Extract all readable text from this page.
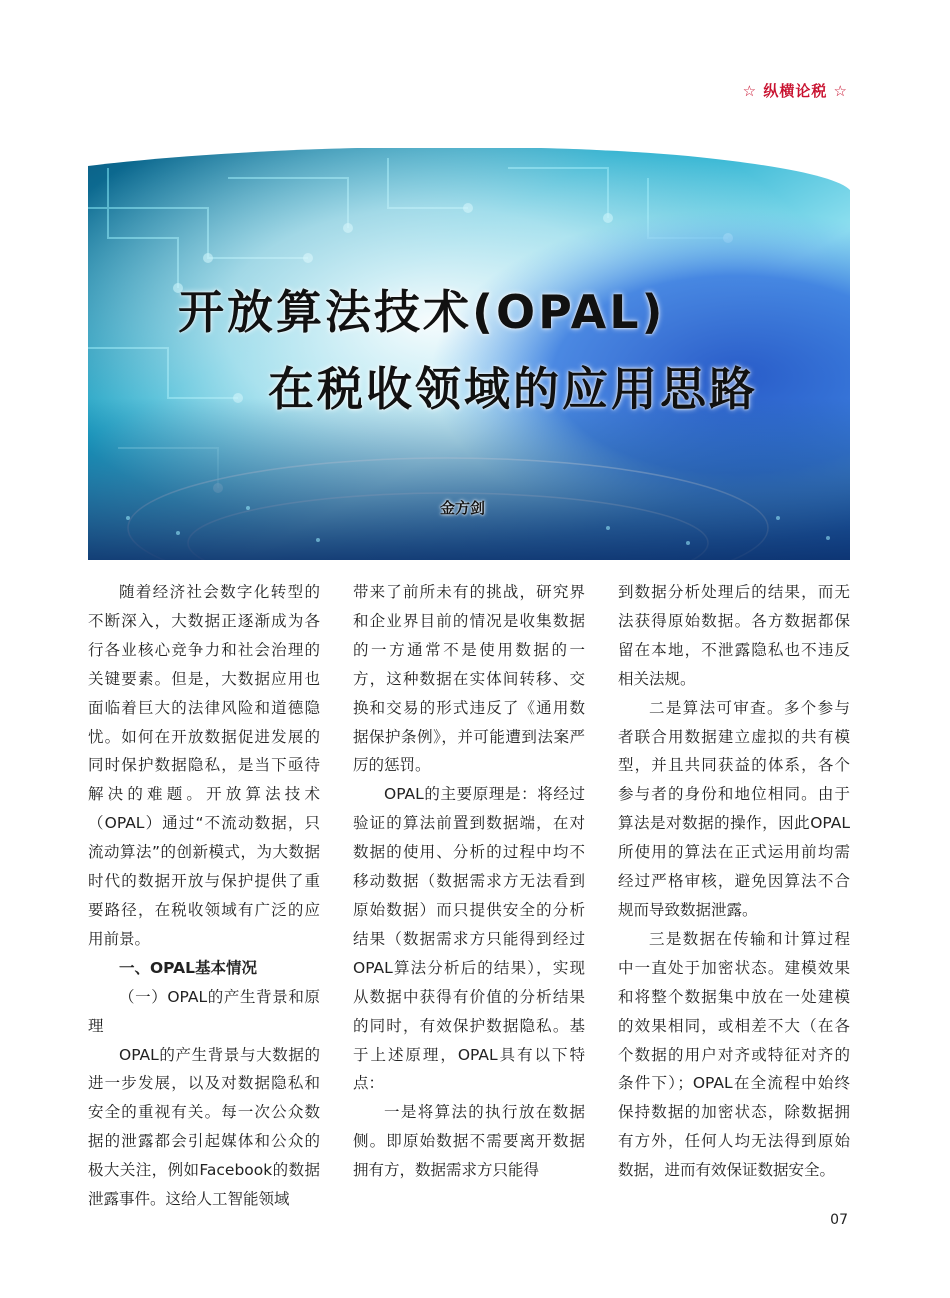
☆ 纵横论税 ☆
开放算法技术(OPAL)
在税收领域的应用思路
金方剑

随着经济社会数字化转型的不断深入，大数据正逐渐成为各行各业核心竞争力和社会治理的关键要素。但是，大数据应用也面临着巨大的法律风险和道德隐忧。如何在开放数据促进发展的同时保护数据隐私，是当下亟待解决的难题。开放算法技术（OPAL）通过“不流动数据，只流动算法”的创新模式，为大数据时代的数据开放与保护提供了重要路径，在税收领域有广泛的应用前景。

一、OPAL基本情况

（一）OPAL的产生背景和原理

OPAL的产生背景与大数据的进一步发展，以及对数据隐私和安全的重视有关。每一次公众数据的泄露都会引起媒体和公众的极大关注，例如Facebook的数据泄露事件。这给人工智能领域

带来了前所未有的挑战，研究界和企业界目前的情况是收集数据的一方通常不是使用数据的一方，这种数据在实体间转移、交换和交易的形式违反了《通用数据保护条例》，并可能遭到法案严厉的惩罚。

OPAL的主要原理是：将经过验证的算法前置到数据端，在对数据的使用、分析的过程中均不移动数据（数据需求方无法看到原始数据）而只提供安全的分析结果（数据需求方只能得到经过OPAL算法分析后的结果），实现从数据中获得有价值的分析结果的同时，有效保护数据隐私。基于上述原理，OPAL具有以下特点：

一是将算法的执行放在数据侧。即原始数据不需要离开数据拥有方，数据需求方只能得

到数据分析处理后的结果，而无法获得原始数据。各方数据都保留在本地，不泄露隐私也不违反相关法规。

二是算法可审查。多个参与者联合用数据建立虚拟的共有模型，并且共同获益的体系，各个参与者的身份和地位相同。由于算法是对数据的操作，因此OPAL所使用的算法在正式运用前均需经过严格审核，避免因算法不合规而导致数据泄露。

三是数据在传输和计算过程中一直处于加密状态。建模效果和将整个数据集中放在一处建模的效果相同，或相差不大（在各个数据的用户对齐或特征对齐的条件下）；OPAL在全流程中始终保持数据的加密状态，除数据拥有方外，任何人均无法得到原始数据，进而有效保证数据安全。

07
